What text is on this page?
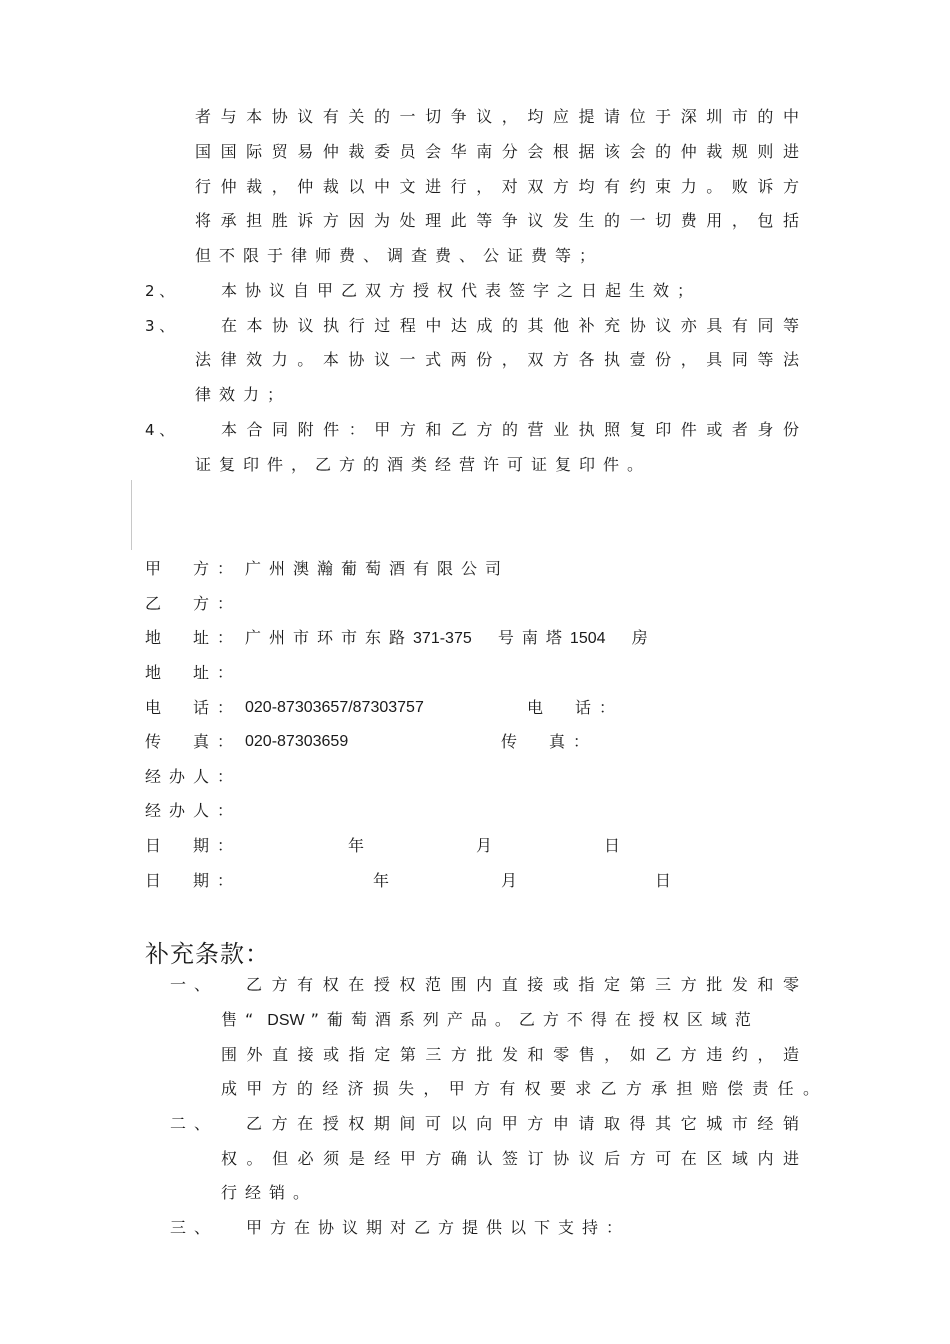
者与本协议有关的一切争议，均应提请位于深圳市的中
国国际贸易仲裁委员会华南分会根据该会的仲裁规则进
行仲裁，仲裁以中文进行，对双方均有约束力。败诉方
将承担胜诉方因为处理此等争议发生的一切费用，包括
但不限于律师费、调查费、公证费等；
2 、	本协议自甲乙双方授权代表签字之日起生效；
3 、	在本协议执行过程中达成的其他补充协议亦具有同等
法律效力。本协议一式两份，双方各执壹份，具同等法
律效力；
4 、	本合同附件：甲方和乙方的营业执照复印件或者身份
证复印件，乙方的酒类经营许可证复印件。
甲　方： 广州澳瀚葡萄酒有限公司
乙　方：
地　址： 广州市环市东路371-375 号南塔1504 房
地　址：
电　话： 020-87303657/87303757	电　话：
传　真： 020-87303659	传　真：
经办人：
经办人：
日　期：	年	月	日
日　期：	年	月	日
补充条款：
一、 乙方有权在授权范围内直接或指定第三方批发和零
售“ DSW ”葡萄酒系列产品。乙方不得在授权区域范
围外直接或指定第三方批发和零售，如乙方违约，造
成甲方的经济损失，甲方有权要求乙方承担赔偿责任。
二、 乙方在授权期间可以向甲方申请取得其它城市经销
权。但必须是经甲方确认签订协议后方可在区域内进
行经销。
三、 甲方在协议期对乙方提供以下支持：
